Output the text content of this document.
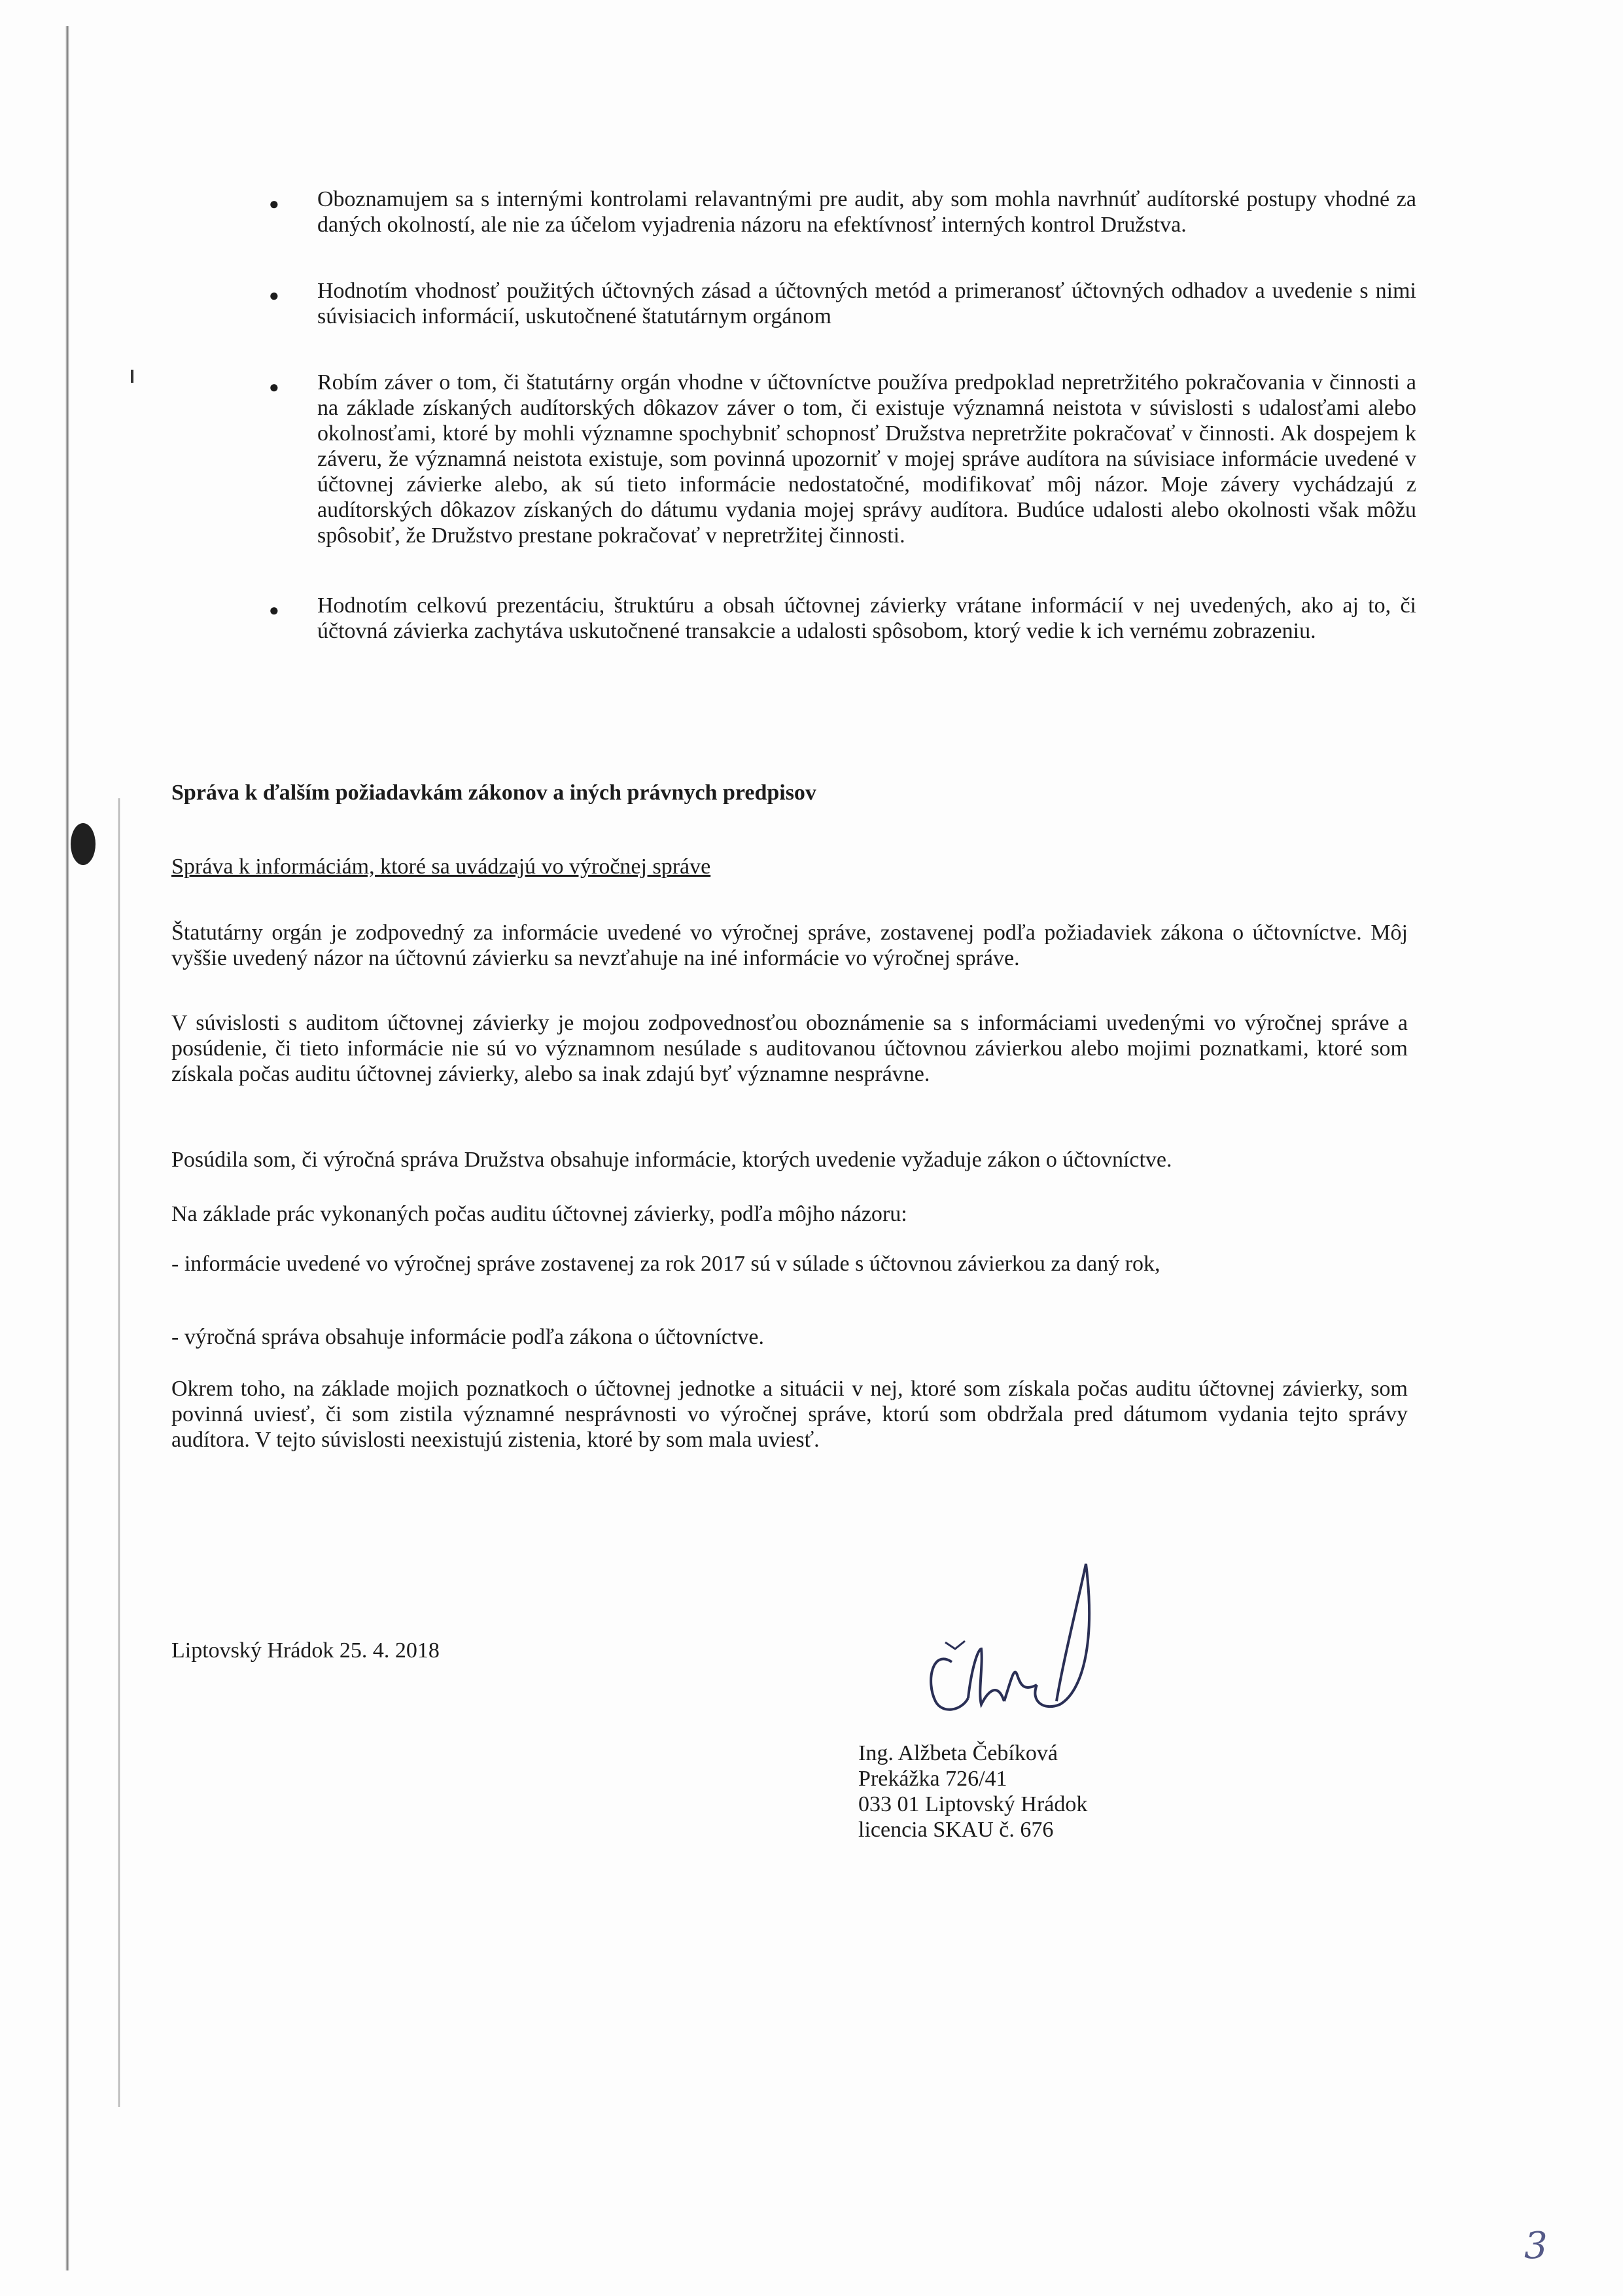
● Oboznamujem sa s internými kontrolami relavantnými pre audit, aby som mohla navrhnúť audítorské postupy vhodné za daných okolností, ale nie za účelom vyjadrenia názoru na efektívnosť interných kontrol Družstva.
● Hodnotím vhodnosť použitých účtovných zásad a účtovných metód a primeranosť účtovných odhadov a uvedenie s nimi súvisiacich informácií, uskutočnené štatutárnym orgánom
● Robím záver o tom, či štatutárny orgán vhodne v účtovníctve používa predpoklad nepretržitého pokračovania v činnosti a na základe získaných audítorských dôkazov záver o tom, či existuje významná neistota v súvislosti s udalosťami alebo okolnosťami, ktoré by mohli významne spochybniť schopnosť Družstva nepretržite pokračovať v činnosti. Ak dospejem k záveru, že významná neistota existuje, som povinná upozorniť v mojej správe audítora na súvisiace informácie uvedené v účtovnej závierke alebo, ak sú tieto informácie nedostatočné, modifikovať môj názor. Moje závery vychádzajú z audítorských dôkazov získaných do dátumu vydania mojej správy audítora. Budúce udalosti alebo okolnosti však môžu spôsobiť, že Družstvo prestane pokračovať v nepretržitej činnosti.
● Hodnotím celkovú prezentáciu, štruktúru a obsah účtovnej závierky vrátane informácií v nej uvedených, ako aj to, či účtovná závierka zachytáva uskutočnené transakcie a udalosti spôsobom, ktorý vedie k ich vernému zobrazeniu.
Správa k ďalším požiadavkám zákonov a iných právnych predpisov
Správa k informáciám, ktoré sa uvádzajú vo výročnej správe
Štatutárny orgán je zodpovedný za informácie uvedené vo výročnej správe, zostavenej podľa požiadaviek zákona o účtovníctve. Môj vyššie uvedený názor na účtovnú závierku sa nevzťahuje na iné informácie vo výročnej správe.
V súvislosti s auditom účtovnej závierky je mojou zodpovednosťou oboznámenie sa s informáciami uvedenými vo výročnej správe a posúdenie, či tieto informácie nie sú vo významnom nesúlade s auditovanou účtovnou závierkou alebo mojimi poznatkami, ktoré som získala počas auditu účtovnej závierky, alebo sa inak zdajú byť významne nesprávne.
Posúdila som, či výročná správa Družstva obsahuje informácie, ktorých uvedenie vyžaduje zákon o účtovníctve.
Na základe prác vykonaných počas auditu účtovnej závierky, podľa môjho názoru:
- informácie uvedené vo výročnej správe zostavenej za rok 2017 sú v súlade s účtovnou závierkou za daný rok,
- výročná správa obsahuje informácie podľa zákona o účtovníctve.
Okrem toho, na základe mojich poznatkoch o účtovnej jednotke a situácii v nej, ktoré som získala počas auditu účtovnej závierky, som povinná uviesť, či som zistila významné nesprávnosti vo výročnej správe, ktorú som obdržala pred dátumom vydania tejto správy audítora. V tejto súvislosti neexistujú zistenia, ktoré by som mala uviesť.
Liptovský Hrádok 25. 4. 2018
Ing. Alžbeta Čebíková
Prekážka 726/41
033 01 Liptovský Hrádok
licencia SKAU č. 676
3
